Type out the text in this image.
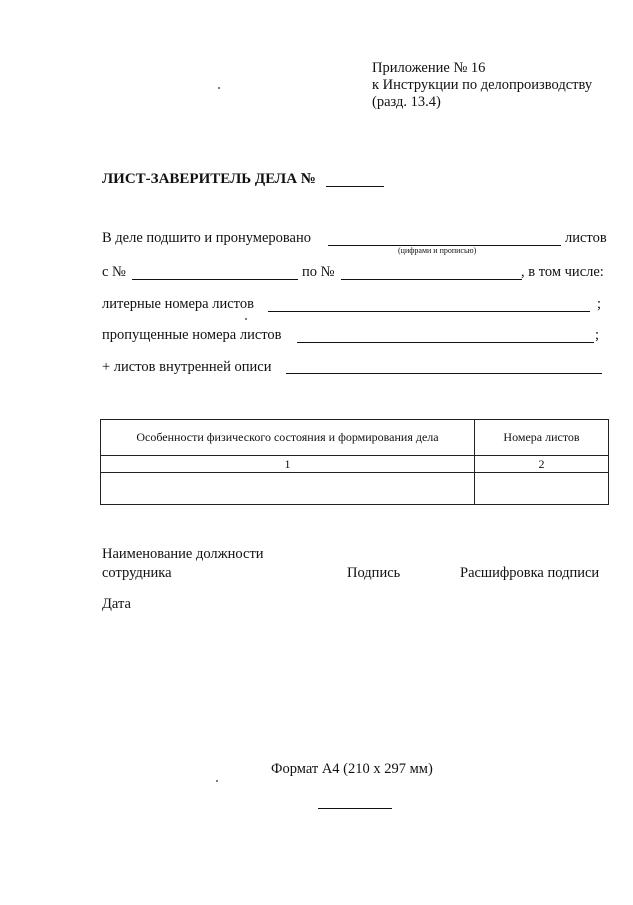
Приложение № 16
к Инструкции по делопроизводству
(разд. 13.4)
ЛИСТ-ЗАВЕРИТЕЛЬ ДЕЛА №
В деле подшито и пронумеровано
(цифрами и прописью)
листов
с №	по №	, в том числе:
литерные номера листов	;
пропущенные номера листов	;
+ листов внутренней описи
Особенности физического состояния и формирования дела	Номера листов
1	2

Наименование должности
сотрудника	Подпись	Расшифровка подписи
Дата
Формат А4 (210 х 297 мм)
